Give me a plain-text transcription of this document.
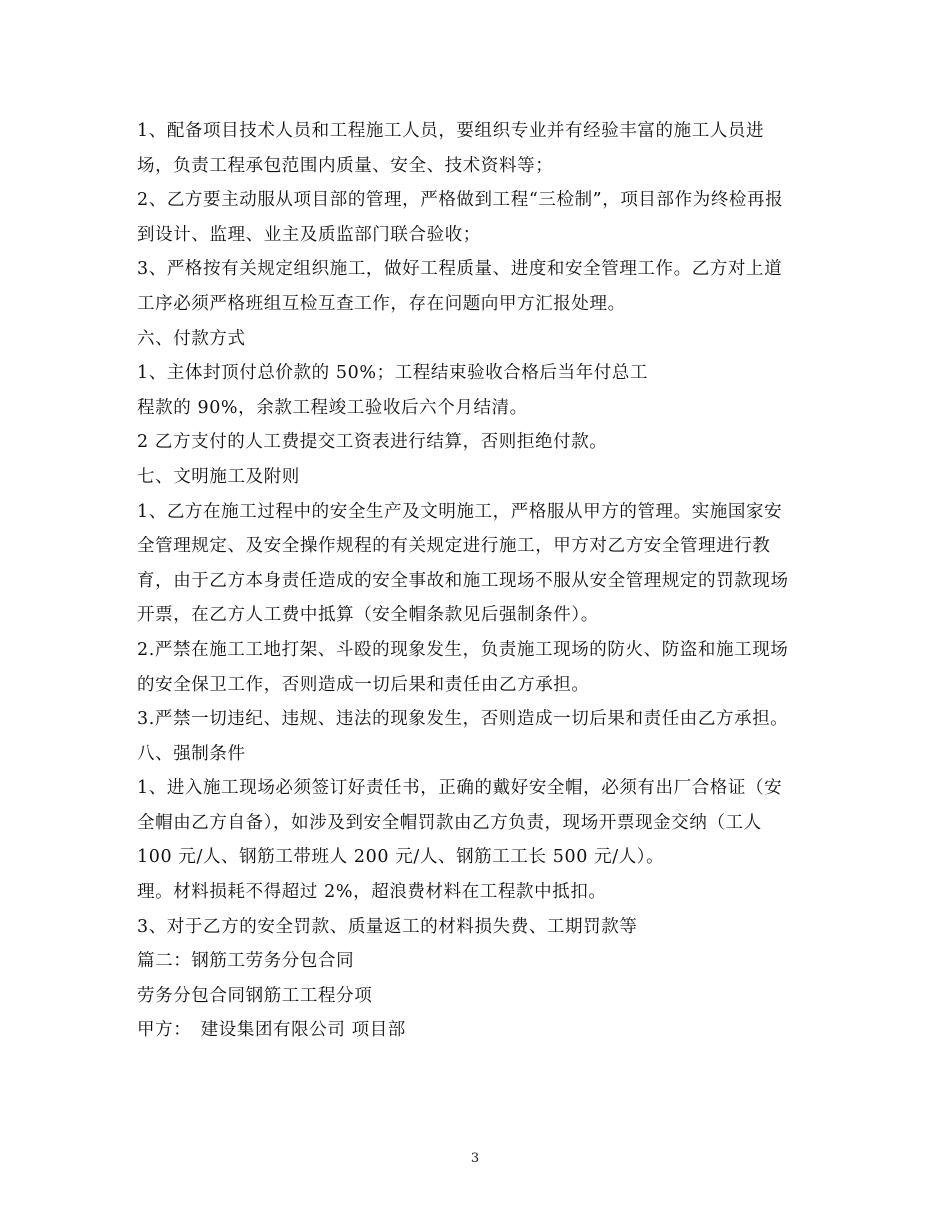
1、配备项目技术人员和工程施工人员，要组织专业并有经验丰富的施工人员进
场，负责工程承包范围内质量、安全、技术资料等；
2、乙方要主动服从项目部的管理，严格做到工程“三检制”，项目部作为终检再报
到设计、监理、业主及质监部门联合验收；
3、严格按有关规定组织施工，做好工程质量、进度和安全管理工作。乙方对上道
工序必须严格班组互检互查工作，存在问题向甲方汇报处理。
六、付款方式
1、主体封顶付总价款的 50%；工程结束验收合格后当年付总工
程款的 90%，余款工程竣工验收后六个月结清。
2 乙方支付的人工费提交工资表进行结算，否则拒绝付款。
七、文明施工及附则
1、乙方在施工过程中的安全生产及文明施工，严格服从甲方的管理。实施国家安
全管理规定、及安全操作规程的有关规定进行施工，甲方对乙方安全管理进行教
育，由于乙方本身责任造成的安全事故和施工现场不服从安全管理规定的罚款现场
开票，在乙方人工费中抵算（安全帽条款见后强制条件）。
2.严禁在施工工地打架、斗殴的现象发生，负责施工现场的防火、防盗和施工现场
的安全保卫工作，否则造成一切后果和责任由乙方承担。
3.严禁一切违纪、违规、违法的现象发生，否则造成一切后果和责任由乙方承担。
八、强制条件
1、进入施工现场必须签订好责任书，正确的戴好安全帽，必须有出厂合格证（安
全帽由乙方自备），如涉及到安全帽罚款由乙方负责，现场开票现金交纳（工人
100 元/人、钢筋工带班人 200 元/人、钢筋工工长 500 元/人）。
理。材料损耗不得超过 2%，超浪费材料在工程款中抵扣。
3、对于乙方的安全罚款、质量返工的材料损失费、工期罚款等
篇二：钢筋工劳务分包合同
劳务分包合同钢筋工工程分项
甲方：　建设集团有限公司 项目部
3
